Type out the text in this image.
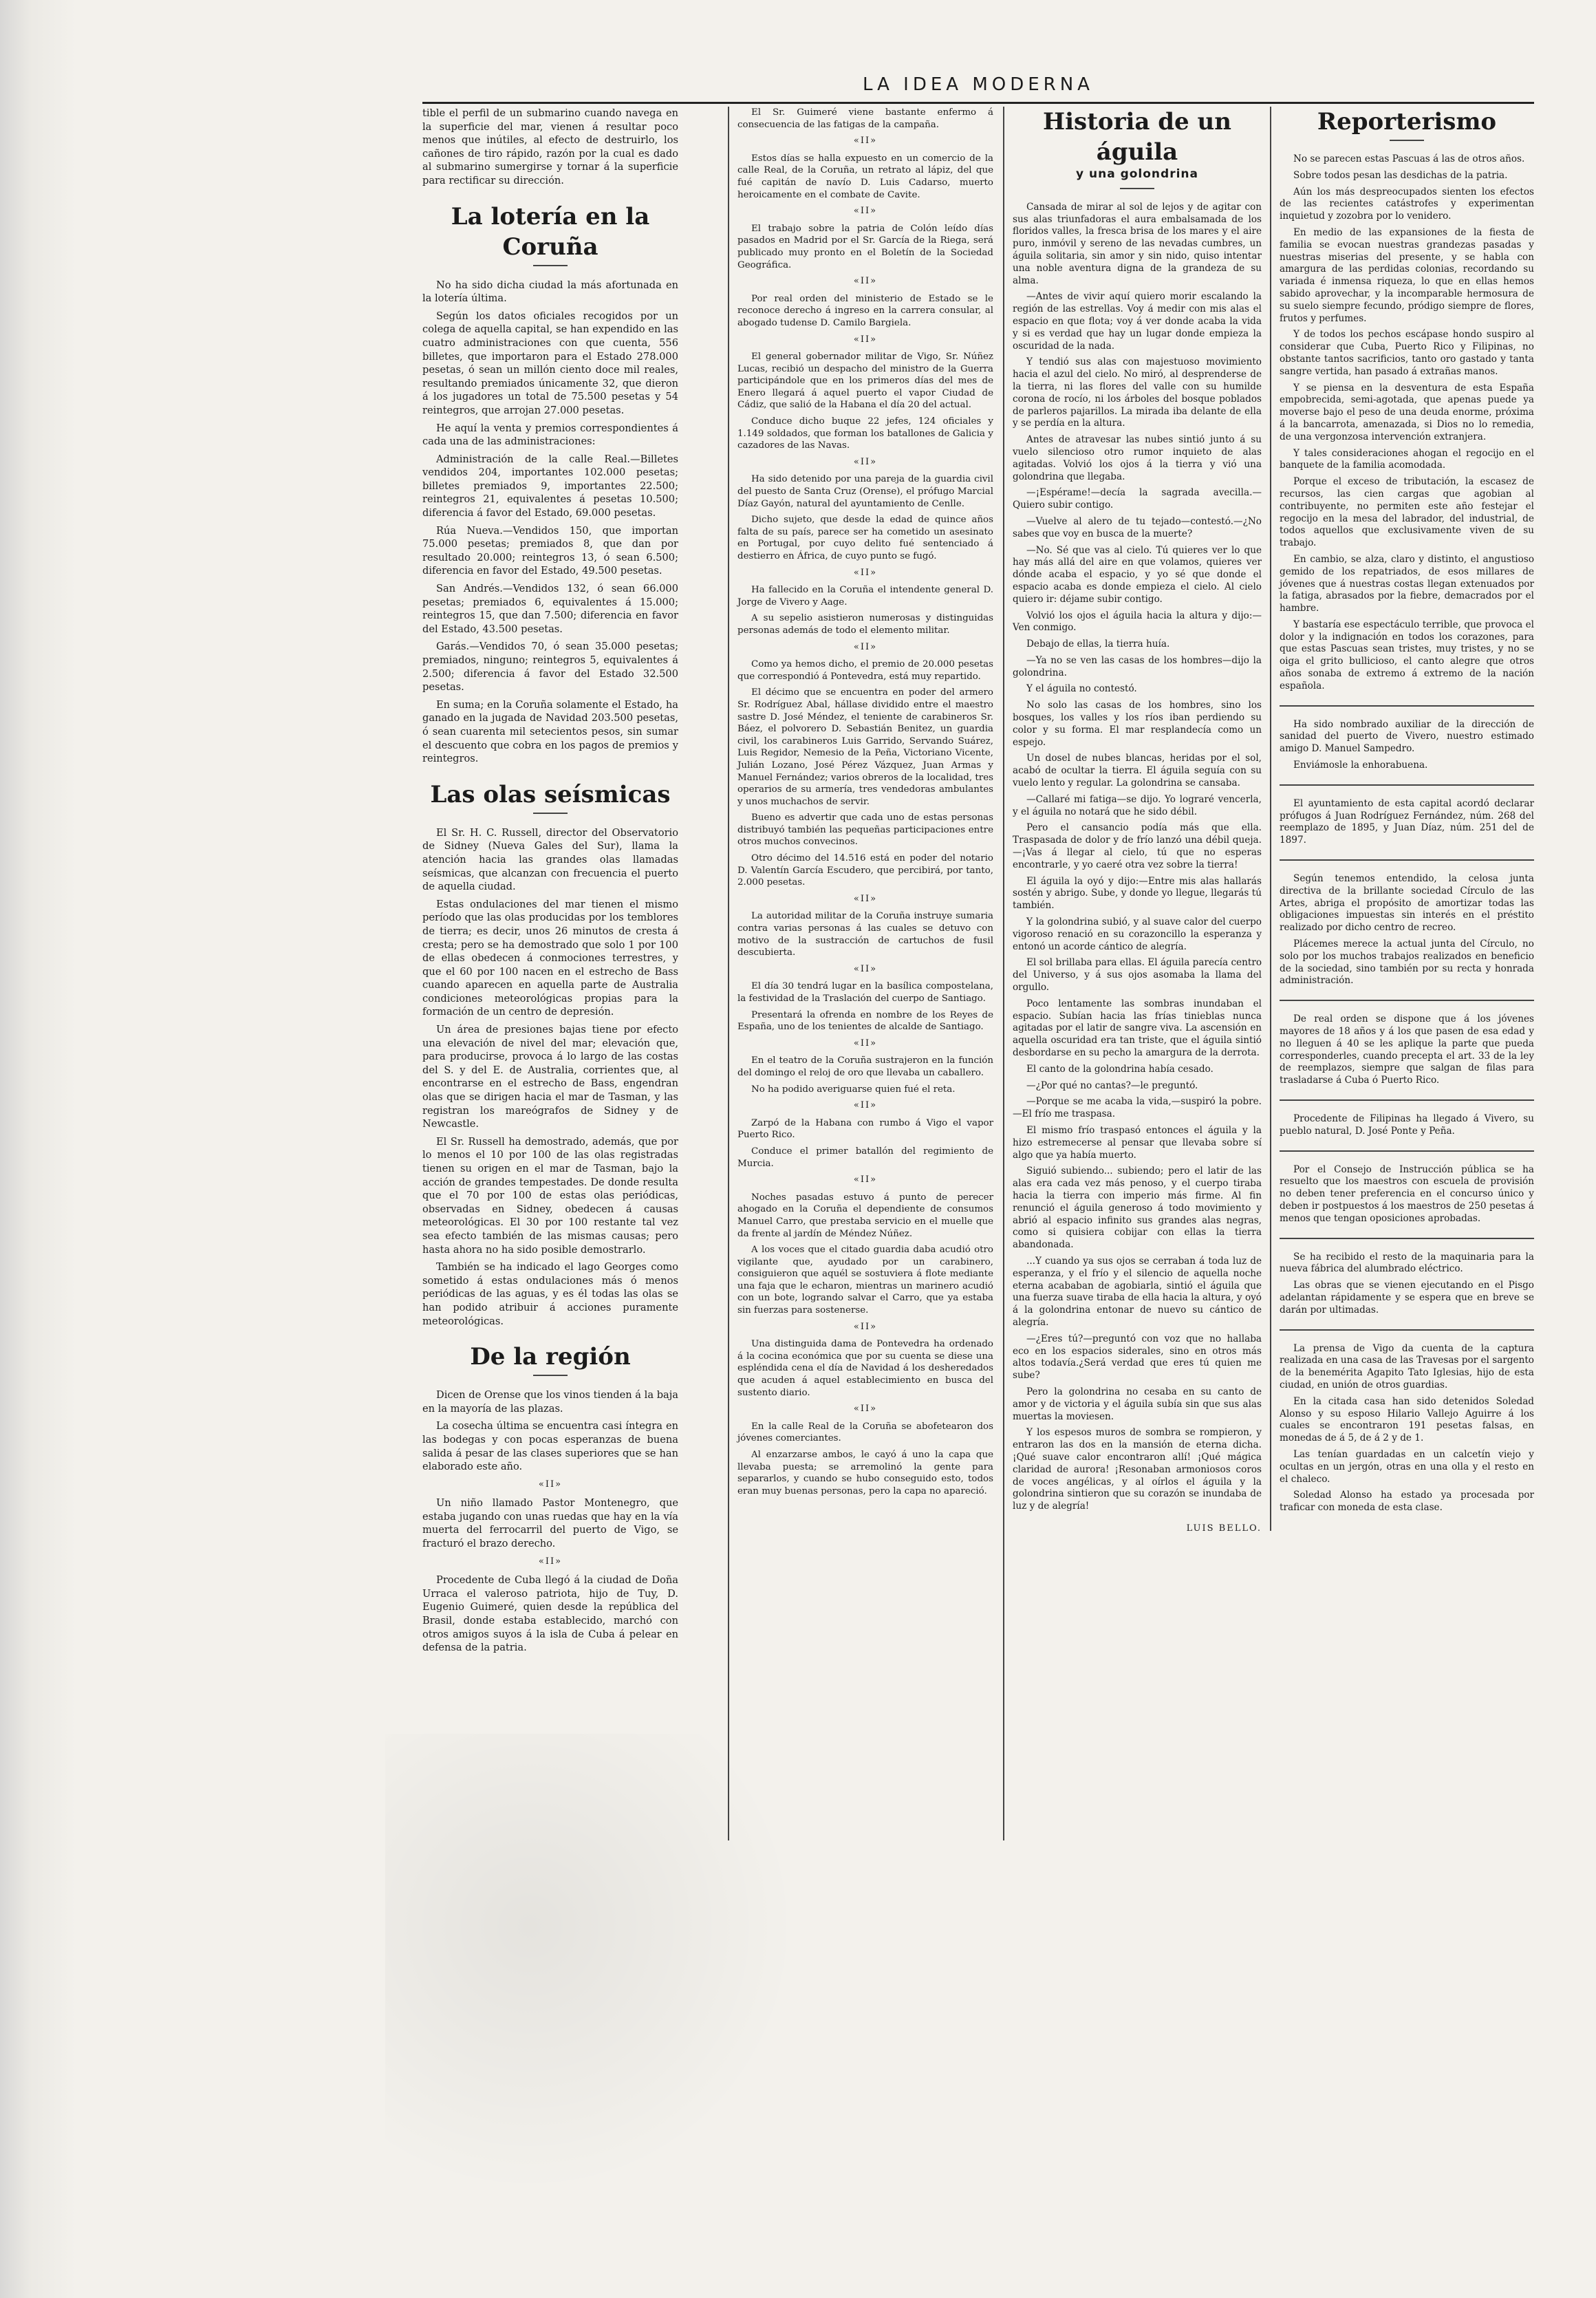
LA IDEA MODERNA

tible el perfil de un submarino cuando navega en la superficie del mar, vienen á resultar poco menos que inútiles, al efecto de destruirlo, los cañones de tiro rápido, razón por la cual es dado al submarino sumergirse y tornar á la superficie para rectificar su dirección.

La lotería en la Coruña

No ha sido dicha ciudad la más afortunada en la lotería última.

Según los datos oficiales recogidos por un colega de aquella capital, se han expendido en las cuatro administraciones con que cuenta, 556 billetes, que importaron para el Estado 278.000 pesetas, ó sean un millón ciento doce mil reales, resultando premiados únicamente 32, que dieron á los jugadores un total de 75.500 pesetas y 54 reintegros, que arrojan 27.000 pesetas.

He aquí la venta y premios correspondientes á cada una de las administraciones:

Administración de la calle Real.—Billetes vendidos 204, importantes 102.000 pesetas; billetes premiados 9, importantes 22.500; reintegros 21, equivalentes á pesetas 10.500; diferencia á favor del Estado, 69.000 pesetas.

Rúa Nueva.—Vendidos 150, que importan 75.000 pesetas; premiados 8, que dan por resultado 20.000; reintegros 13, ó sean 6.500; diferencia en favor del Estado, 49.500 pesetas.

San Andrés.—Vendidos 132, ó sean 66.000 pesetas; premiados 6, equivalentes á 15.000; reintegros 15, que dan 7.500; diferencia en favor del Estado, 43.500 pesetas.

Garás.—Vendidos 70, ó sean 35.000 pesetas; premiados, ninguno; reintegros 5, equivalentes á 2.500; diferencia á favor del Estado 32.500 pesetas.

En suma; en la Coruña solamente el Estado, ha ganado en la jugada de Navidad 203.500 pesetas, ó sean cuarenta mil setecientos pesos, sin sumar el descuento que cobra en los pagos de premios y reintegros.

Las olas seísmicas

El Sr. H. C. Russell, director del Observatorio de Sidney (Nueva Gales del Sur), llama la atención hacia las grandes olas llamadas seísmicas, que alcanzan con frecuencia el puerto de aquella ciudad.

Estas ondulaciones del mar tienen el mismo período que las olas producidas por los temblores de tierra; es decir, unos 26 minutos de cresta á cresta; pero se ha demostrado que solo 1 por 100 de ellas obedecen á conmociones terrestres, y que el 60 por 100 nacen en el estrecho de Bass cuando aparecen en aquella parte de Australia condiciones meteorológicas propias para la formación de un centro de depresión.

Un área de presiones bajas tiene por efecto una elevación de nivel del mar; elevación que, para producirse, provoca á lo largo de las costas del S. y del E. de Australia, corrientes que, al encontrarse en el estrecho de Bass, engendran olas que se dirigen hacia el mar de Tasman, y las registran los mareógrafos de Sidney y de Newcastle.

El Sr. Russell ha demostrado, además, que por lo menos el 10 por 100 de las olas registradas tienen su origen en el mar de Tasman, bajo la acción de grandes tempestades. De donde resulta que el 70 por 100 de estas olas periódicas, observadas en Sidney, obedecen á causas meteorológicas. El 30 por 100 restante tal vez sea efecto también de las mismas causas; pero hasta ahora no ha sido posible demostrarlo.

También se ha indicado el lago Georges como sometido á estas ondulaciones más ó menos periódicas de las aguas, y es él todas las olas se han podido atribuir á acciones puramente meteorológicas.

De la región

Dicen de Orense que los vinos tienden á la baja en la mayoría de las plazas.

La cosecha última se encuentra casi íntegra en las bodegas y con pocas esperanzas de buena salida á pesar de las clases superiores que se han elaborado este año.

«II»

Un niño llamado Pastor Montenegro, que estaba jugando con unas ruedas que hay en la vía muerta del ferrocarril del puerto de Vigo, se fracturó el brazo derecho.

«II»

Procedente de Cuba llegó á la ciudad de Doña Urraca el valeroso patriota, hijo de Tuy, D. Eugenio Guimeré, quien desde la república del Brasil, donde estaba establecido, marchó con otros amigos suyos á la isla de Cuba á pelear en defensa de la patria.

El Sr. Guimeré viene bastante enfermo á consecuencia de las fatigas de la campaña.

«II»

Estos días se halla expuesto en un comercio de la calle Real, de la Coruña, un retrato al lápiz, del que fué capitán de navío D. Luis Cadarso, muerto heroicamente en el combate de Cavite.

«II»

El trabajo sobre la patria de Colón leído días pasados en Madrid por el Sr. García de la Riega, será publicado muy pronto en el Boletín de la Sociedad Geográfica.

«II»

Por real orden del ministerio de Estado se le reconoce derecho á ingreso en la carrera consular, al abogado tudense D. Camilo Bargiela.

«II»

El general gobernador militar de Vigo, Sr. Núñez Lucas, recibió un despacho del ministro de la Guerra participándole que en los primeros días del mes de Enero llegará á aquel puerto el vapor Ciudad de Cádiz, que salió de la Habana el día 20 del actual.

Conduce dicho buque 22 jefes, 124 oficiales y 1.149 soldados, que forman los batallones de Galicia y cazadores de las Navas.

«II»

Ha sido detenido por una pareja de la guardia civil del puesto de Santa Cruz (Orense), el prófugo Marcial Díaz Gayón, natural del ayuntamiento de Cenlle.

Dicho sujeto, que desde la edad de quince años falta de su país, parece ser ha cometido un asesinato en Portugal, por cuyo delito fué sentenciado á destierro en África, de cuyo punto se fugó.

«II»

Ha fallecido en la Coruña el intendente general D. Jorge de Vivero y Aage.

A su sepelio asistieron numerosas y distinguidas personas además de todo el elemento militar.

«II»

Como ya hemos dicho, el premio de 20.000 pesetas que correspondió á Pontevedra, está muy repartido.

El décimo que se encuentra en poder del armero Sr. Rodríguez Abal, hállase dividido entre el maestro sastre D. José Méndez, el teniente de carabineros Sr. Báez, el polvorero D. Sebastián Benitez, un guardia civil, los carabineros Luis Garrido, Servando Suárez, Luis Regidor, Nemesio de la Peña, Victoriano Vicente, Julián Lozano, José Pérez Vázquez, Juan Armas y Manuel Fernández; varios obreros de la localidad, tres operarios de su armería, tres vendedoras ambulantes y unos muchachos de servir.

Bueno es advertir que cada uno de estas personas distribuyó también las pequeñas participaciones entre otros muchos convecinos.

Otro décimo del 14.516 está en poder del notario D. Valentín García Escudero, que percibirá, por tanto, 2.000 pesetas.

«II»

La autoridad militar de la Coruña instruye sumaria contra varias personas á las cuales se detuvo con motivo de la sustracción de cartuchos de fusil descubierta.

«II»

El día 30 tendrá lugar en la basílica compostelana, la festividad de la Traslación del cuerpo de Santiago.

Presentará la ofrenda en nombre de los Reyes de España, uno de los tenientes de alcalde de Santiago.

«II»

En el teatro de la Coruña sustrajeron en la función del domingo el reloj de oro que llevaba un caballero.

No ha podido averiguarse quien fué el reta.

«II»

Zarpó de la Habana con rumbo á Vigo el vapor Puerto Rico.

Conduce el primer batallón del regimiento de Murcia.

«II»

Noches pasadas estuvo á punto de perecer ahogado en la Coruña el dependiente de consumos Manuel Carro, que prestaba servicio en el muelle que da frente al jardín de Méndez Núñez.

A los voces que el citado guardia daba acudió otro vigilante que, ayudado por un carabinero, consiguieron que aquél se sostuviera á flote mediante una faja que le echaron, mientras un marinero acudió con un bote, logrando salvar el Carro, que ya estaba sin fuerzas para sostenerse.

«II»

Una distinguida dama de Pontevedra ha ordenado á la cocina económica que por su cuenta se diese una espléndida cena el día de Navidad á los desheredados que acuden á aquel establecimiento en busca del sustento diario.

«II»

En la calle Real de la Coruña se abofetearon dos jóvenes comerciantes.

Al enzarzarse ambos, le cayó á uno la capa que llevaba puesta; se arremolinó la gente para separarlos, y cuando se hubo conseguido esto, todos eran muy buenas personas, pero la capa no apareció.

Historia de un águila
y una golondrina

Cansada de mirar al sol de lejos y de agitar con sus alas triunfadoras el aura embalsamada de los floridos valles, la fresca brisa de los mares y el aire puro, inmóvil y sereno de las nevadas cumbres, un águila solitaria, sin amor y sin nido, quiso intentar una noble aventura digna de la grandeza de su alma.

—Antes de vivir aquí quiero morir escalando la región de las estrellas. Voy á medir con mis alas el espacio en que flota; voy á ver donde acaba la vida y si es verdad que hay un lugar donde empieza la oscuridad de la nada.

Y tendió sus alas con majestuoso movimiento hacia el azul del cielo. No miró, al desprenderse de la tierra, ni las flores del valle con su humilde corona de rocío, ni los árboles del bosque poblados de parleros pajarillos. La mirada iba delante de ella y se perdía en la altura.

Antes de atravesar las nubes sintió junto á su vuelo silencioso otro rumor inquieto de alas agitadas. Volvió los ojos á la tierra y vió una golondrina que llegaba.

—¡Espérame!—decía la sagrada avecilla.—Quiero subir contigo.

—Vuelve al alero de tu tejado—contestó.—¿No sabes que voy en busca de la muerte?

—No. Sé que vas al cielo. Tú quieres ver lo que hay más allá del aire en que volamos, quieres ver dónde acaba el espacio, y yo sé que donde el espacio acaba es donde empieza el cielo. Al cielo quiero ir: déjame subir contigo.

Volvió los ojos el águila hacia la altura y dijo:—Ven conmigo.

Debajo de ellas, la tierra huía.

—Ya no se ven las casas de los hombres—dijo la golondrina.

Y el águila no contestó.

No solo las casas de los hombres, sino los bosques, los valles y los ríos iban perdiendo su color y su forma. El mar resplandecía como un espejo.

Un dosel de nubes blancas, heridas por el sol, acabó de ocultar la tierra. El águila seguía con su vuelo lento y regular. La golondrina se cansaba.

—Callaré mi fatiga—se dijo. Yo lograré vencerla, y el águila no notará que he sido débil.

Pero el cansancio podía más que ella. Traspasada de dolor y de frío lanzó una débil queja.—¡Vas á llegar al cielo, tú que no esperas encontrarle, y yo caeré otra vez sobre la tierra!

El águila la oyó y dijo:—Entre mis alas hallarás sostén y abrigo. Sube, y donde yo llegue, llegarás tú también.

Y la golondrina subió, y al suave calor del cuerpo vigoroso renació en su corazoncillo la esperanza y entonó un acorde cántico de alegría.

El sol brillaba para ellas. El águila parecía centro del Universo, y á sus ojos asomaba la llama del orgullo.

Poco lentamente las sombras inundaban el espacio. Subían hacia las frías tinieblas nunca agitadas por el latir de sangre viva. La ascensión en aquella oscuridad era tan triste, que el águila sintió desbordarse en su pecho la amargura de la derrota.

El canto de la golondrina había cesado.

—¿Por qué no cantas?—le preguntó.

—Porque se me acaba la vida,—suspiró la pobre.—El frío me traspasa.

El mismo frío traspasó entonces el águila y la hizo estremecerse al pensar que llevaba sobre sí algo que ya había muerto.

Siguió subiendo... subiendo; pero el latir de las alas era cada vez más penoso, y el cuerpo tiraba hacia la tierra con imperio más firme. Al fin renunció el águila generoso á todo movimiento y abrió al espacio infinito sus grandes alas negras, como si quisiera cobijar con ellas la tierra abandonada.

...Y cuando ya sus ojos se cerraban á toda luz de esperanza, y el frío y el silencio de aquella noche eterna acababan de agobiarla, sintió el águila que una fuerza suave tiraba de ella hacia la altura, y oyó á la golondrina entonar de nuevo su cántico de alegría.

—¿Eres tú?—preguntó con voz que no hallaba eco en los espacios siderales, sino en otros más altos todavía.¿Será verdad que eres tú quien me sube?

Pero la golondrina no cesaba en su canto de amor y de victoria y el águila subía sin que sus alas muertas la moviesen.

Y los espesos muros de sombra se rompieron, y entraron las dos en la mansión de eterna dicha. ¡Qué suave calor encontraron allí! ¡Qué mágica claridad de aurora! ¡Resonaban armoniosos coros de voces angélicas, y al oírlos el águila y la golondrina sintieron que su corazón se inundaba de luz y de alegría!

LUIS BELLO.
Reporterismo

No se parecen estas Pascuas á las de otros años.

Sobre todos pesan las desdichas de la patria.

Aún los más despreocupados sienten los efectos de las recientes catástrofes y experimentan inquietud y zozobra por lo venidero.

En medio de las expansiones de la fiesta de familia se evocan nuestras grandezas pasadas y nuestras miserias del presente, y se habla con amargura de las perdidas colonias, recordando su variada é inmensa riqueza, lo que en ellas hemos sabido aprovechar, y la incomparable hermosura de su suelo siempre fecundo, pródigo siempre de flores, frutos y perfumes.

Y de todos los pechos escápase hondo suspiro al considerar que Cuba, Puerto Rico y Filipinas, no obstante tantos sacrificios, tanto oro gastado y tanta sangre vertida, han pasado á extrañas manos.

Y se piensa en la desventura de esta España empobrecida, semi-agotada, que apenas puede ya moverse bajo el peso de una deuda enorme, próxima á la bancarrota, amenazada, si Dios no lo remedia, de una vergonzosa intervención extranjera.

Y tales consideraciones ahogan el regocijo en el banquete de la familia acomodada.

Porque el exceso de tributación, la escasez de recursos, las cien cargas que agobian al contribuyente, no permiten este año festejar el regocijo en la mesa del labrador, del industrial, de todos aquellos que exclusivamente viven de su trabajo.

En cambio, se alza, claro y distinto, el angustioso gemido de los repatriados, de esos millares de jóvenes que á nuestras costas llegan extenuados por la fatiga, abrasados por la fiebre, demacrados por el hambre.

Y bastaría ese espectáculo terrible, que provoca el dolor y la indignación en todos los corazones, para que estas Pascuas sean tristes, muy tristes, y no se oiga el grito bullicioso, el canto alegre que otros años sonaba de extremo á extremo de la nación española.

Ha sido nombrado auxiliar de la dirección de sanidad del puerto de Vivero, nuestro estimado amigo D. Manuel Sampedro.

Enviámosle la enhorabuena.

El ayuntamiento de esta capital acordó declarar prófugos á Juan Rodríguez Fernández, núm. 268 del reemplazo de 1895, y Juan Díaz, núm. 251 del de 1897.

Según tenemos entendido, la celosa junta directiva de la brillante sociedad Círculo de las Artes, abriga el propósito de amortizar todas las obligaciones impuestas sin interés en el préstito realizado por dicho centro de recreo.

Plácemes merece la actual junta del Círculo, no solo por los muchos trabajos realizados en beneficio de la sociedad, sino también por su recta y honrada administración.

De real orden se dispone que á los jóvenes mayores de 18 años y á los que pasen de esa edad y no lleguen á 40 se les aplique la parte que pueda corresponderles, cuando precepta el art. 33 de la ley de reemplazos, siempre que salgan de filas para trasladarse á Cuba ó Puerto Rico.

Procedente de Filipinas ha llegado á Vivero, su pueblo natural, D. José Ponte y Peña.

Por el Consejo de Instrucción pública se ha resuelto que los maestros con escuela de provisión no deben tener preferencia en el concurso único y deben ir postpuestos á los maestros de 250 pesetas á menos que tengan oposiciones aprobadas.

Se ha recibido el resto de la maquinaria para la nueva fábrica del alumbrado eléctrico.

Las obras que se vienen ejecutando en el Pisgo adelantan rápidamente y se espera que en breve se darán por ultimadas.

La prensa de Vigo da cuenta de la captura realizada en una casa de las Travesas por el sargento de la benemérita Agapito Tato Iglesias, hijo de esta ciudad, en unión de otros guardias.

En la citada casa han sido detenidos Soledad Alonso y su esposo Hilario Vallejo Aguirre á los cuales se encontraron 191 pesetas falsas, en monedas de á 5, de á 2 y de 1.

Las tenían guardadas en un calcetín viejo y ocultas en un jergón, otras en una olla y el resto en el chaleco.

Soledad Alonso ha estado ya procesada por traficar con moneda de esta clase.
